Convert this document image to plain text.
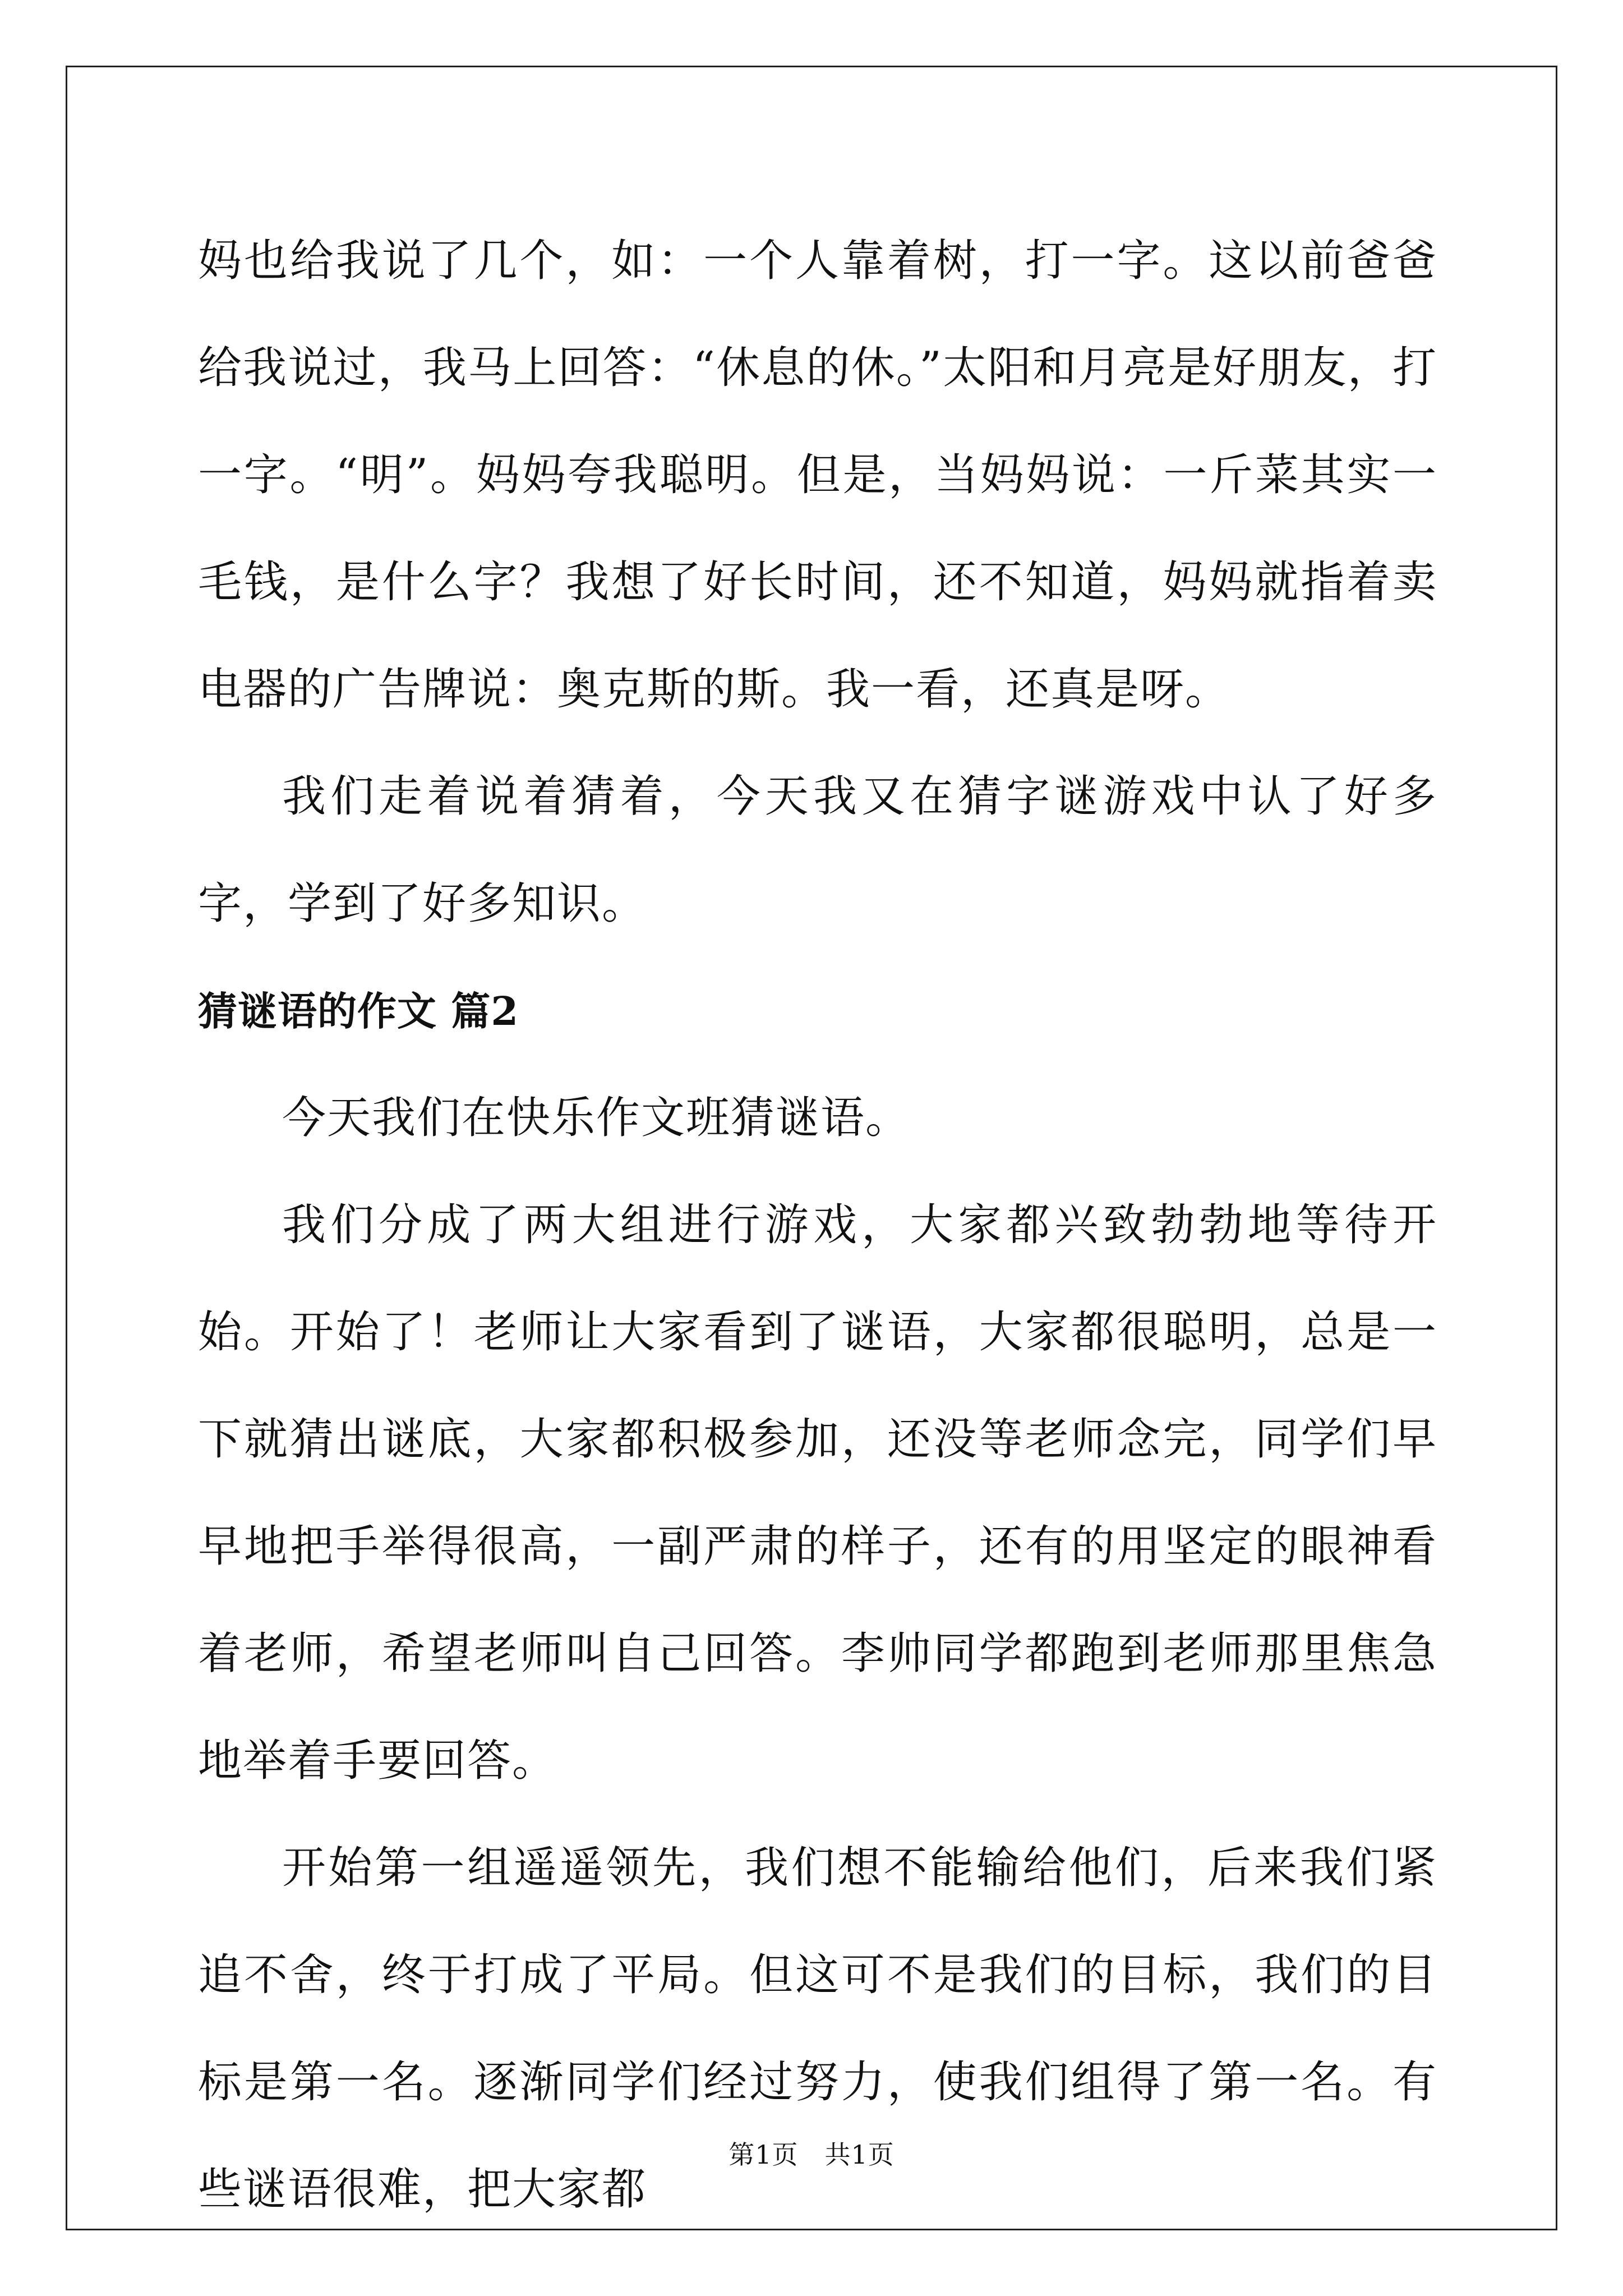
妈也给我说了几个，如：一个人靠着树，打一字。这以前爸爸给我说过，我马上回答：“休息的休。”太阳和月亮是好朋友，打一字。“明”。妈妈夸我聪明。但是，当妈妈说：一斤菜其实一毛钱，是什么字？我想了好长时间，还不知道，妈妈就指着卖电器的广告牌说：奥克斯的斯。我一看，还真是呀。

我们走着说着猜着，今天我又在猜字谜游戏中认了好多字，学到了好多知识。

猜谜语的作文 篇2

今天我们在快乐作文班猜谜语。

我们分成了两大组进行游戏，大家都兴致勃勃地等待开始。开始了！老师让大家看到了谜语，大家都很聪明，总是一下就猜出谜底，大家都积极参加，还没等老师念完，同学们早早地把手举得很高，一副严肃的样子，还有的用坚定的眼神看着老师，希望老师叫自己回答。李帅同学都跑到老师那里焦急地举着手要回答。

开始第一组遥遥领先，我们想不能输给他们，后来我们紧追不舍，终于打成了平局。但这可不是我们的目标，我们的目标是第一名。逐渐同学们经过努力，使我们组得了第一名。有些谜语很难，把大家都

第1页　共1页
